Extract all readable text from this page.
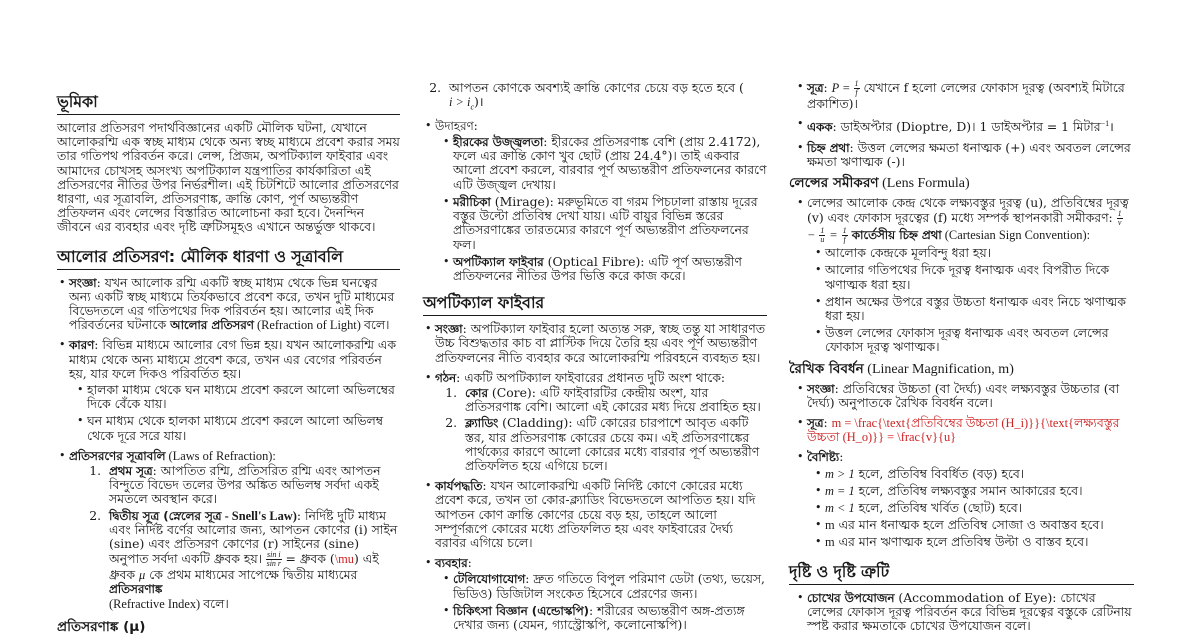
ভূমিকা

আলোর প্রতিসরণ পদার্থবিজ্ঞানের একটি মৌলিক ঘটনা, যেখানে আলোকরশ্মি এক স্বচ্ছ মাধ্যম থেকে অন্য স্বচ্ছ মাধ্যমে প্রবেশ করার সময় তার গতিপথ পরিবর্তন করে। লেন্স, প্রিজম, অপটিক্যাল ফাইবার এবং আমাদের চোখসহ অসংখ্য অপটিক্যাল যন্ত্রপাতির কার্যকারিতা এই প্রতিসরণের নীতির উপর নির্ভরশীল। এই চিটশিটে আলোর প্রতিসরণের ধারণা, এর সূত্রাবলি, প্রতিসরণাঙ্ক, ক্রান্তি কোণ, পূর্ণ অভ্যন্তরীণ প্রতিফলন এবং লেন্সের বিস্তারিত আলোচনা করা হবে। দৈনন্দিন জীবনে এর ব্যবহার এবং দৃষ্টি ত্রুটিসমূহও এখানে অন্তর্ভুক্ত থাকবে।

আলোর প্রতিসরণ: মৌলিক ধারণা ও সূত্রাবলি
• সংজ্ঞা: যখন আলোক রশ্মি একটি স্বচ্ছ মাধ্যম থেকে ভিন্ন ঘনত্বের অন্য একটি স্বচ্ছ মাধ্যমে তির্যকভাবে প্রবেশ করে, তখন দুটি মাধ্যমের বিভেদতলে এর গতিপথের দিক পরিবর্তন হয়। আলোর এই দিক পরিবর্তনের ঘটনাকে আলোর প্রতিসরণ (Refraction of Light) বলে।
• কারণ: বিভিন্ন মাধ্যমে আলোর বেগ ভিন্ন হয়। যখন আলোকরশ্মি এক মাধ্যম থেকে অন্য মাধ্যমে প্রবেশ করে, তখন এর বেগের পরিবর্তন হয়, যার ফলে দিকও পরিবর্তিত হয়।
• হালকা মাধ্যম থেকে ঘন মাধ্যমে প্রবেশ করলে আলো অভিলম্বের দিকে বেঁকে যায়।
• ঘন মাধ্যম থেকে হালকা মাধ্যমে প্রবেশ করলে আলো অভিলম্ব থেকে দূরে সরে যায়।
• প্রতিসরণের সূত্রাবলি (Laws of Refraction):
1. প্রথম সূত্র: আপতিত রশ্মি, প্রতিসরিত রশ্মি এবং আপতন বিন্দুতে বিভেদ তলের উপর অঙ্কিত অভিলম্ব সর্বদা একই সমতলে অবস্থান করে।
2. দ্বিতীয় সূত্র (স্নেলের সূত্র - Snell's Law): নির্দিষ্ট দুটি মাধ্যম এবং নির্দিষ্ট বর্ণের আলোর জন্য, আপতন কোণের (i) সাইন (sine) এবং প্রতিসরণ কোণের (r) সাইনের (sine) অনুপাত সর্বদা একটি ধ্রুবক হয়। $\frac{\text{sin i}}{\text{sin r}}$ = ধ্রুবক (\mu) এই ধ্রুবক μ কে প্রথম মাধ্যমের সাপেক্ষে দ্বিতীয় মাধ্যমের প্রতিসরণাঙ্ক
(Refractive Index) বলে।
প্রতিসরণাঙ্ক (μ)
2. আপতন কোণকে অবশ্যই ক্রান্তি কোণের চেয়ে বড় হতে হবে (
$i > i_c)।$
• উদাহরণ:
• হীরকের উজ্জ্বলতা: হীরকের প্রতিসরণাঙ্ক বেশি (প্রায় 2.4172), ফলে এর ক্রান্তি কোণ খুব ছোট (প্রায় 24.4°)। তাই একবার আলো প্রবেশ করলে, বারবার পূর্ণ অভ্যন্তরীণ প্রতিফলনের কারণে এটি উজ্জ্বল দেখায়।
• মরীচিকা (Mirage): মরুভূমিতে বা গরম পিচঢালা রাস্তায় দূরের বস্তুর উল্টো প্রতিবিম্ব দেখা যায়। এটি বায়ুর বিভিন্ন স্তরের প্রতিসরণাঙ্কের তারতম্যের কারণে পূর্ণ অভ্যন্তরীণ প্রতিফলনের ফল।
• অপটিক্যাল ফাইবার (Optical Fibre): এটি পূর্ণ অভ্যন্তরীণ প্রতিফলনের নীতির উপর ভিত্তি করে কাজ করে।
অপটিক্যাল ফাইবার
• সংজ্ঞা: অপটিক্যাল ফাইবার হলো অত্যন্ত সরু, স্বচ্ছ তন্তু যা সাধারণত উচ্চ বিশুদ্ধতার কাচ বা প্লাস্টিক দিয়ে তৈরি হয় এবং পূর্ণ অভ্যন্তরীণ প্রতিফলনের নীতি ব্যবহার করে আলোকরশ্মি পরিবহনে ব্যবহৃত হয়।
• গঠন: একটি অপটিক্যাল ফাইবারের প্রধানত দুটি অংশ থাকে:
1. কোর (Core): এটি ফাইবারটির কেন্দ্রীয় অংশ, যার প্রতিসরণাঙ্ক বেশি। আলো এই কোরের মধ্য দিয়ে প্রবাহিত হয়।
2. ক্ল্যাডিং (Cladding): এটি কোরের চারপাশে আবৃত একটি স্তর, যার প্রতিসরণাঙ্ক কোরের চেয়ে কম। এই প্রতিসরণাঙ্কের পার্থক্যের কারণে আলো কোরের মধ্যে বারবার পূর্ণ অভ্যন্তরীণ প্রতিফলিত হয়ে এগিয়ে চলে।
• কার্যপদ্ধতি: যখন আলোকরশ্মি একটি নির্দিষ্ট কোণে কোরের মধ্যে প্রবেশ করে, তখন তা কোর-ক্ল্যাডিং বিভেদতলে আপতিত হয়। যদি আপতন কোণ ক্রান্তি কোণের চেয়ে বড় হয়, তাহলে আলো সম্পূর্ণরূপে কোরের মধ্যে প্রতিফলিত হয় এবং ফাইবারের দৈর্ঘ্য বরাবর এগিয়ে চলে।
• ব্যবহার:
• টেলিযোগাযোগ: দ্রুত গতিতে বিপুল পরিমাণ ডেটা (তথ্য, ভয়েস, ভিডিও) ডিজিটাল সংকেত হিসেবে প্রেরণের জন্য।
• চিকিৎসা বিজ্ঞান (এন্ডোস্কপি): শরীরের অভ্যন্তরীণ অঙ্গ-প্রত্যঙ্গ দেখার জন্য (যেমন, গ্যাস্ট্রোস্কপি, কলোনোস্কপি)।
• সূত্র: $P = \frac{1}{f}$ যেখানে f হলো লেন্সের ফোকাস দূরত্ব (অবশ্যই মিটারে প্রকাশিত)।
• একক: ডাইঅপ্টার (Dioptre, D)। 1 ডাইঅপ্টার = 1 মিটার$^{-1}$।
• চিহ্ন প্রথা: উত্তল লেন্সের ক্ষমতা ধনাত্মক (+) এবং অবতল লেন্সের ক্ষমতা ঋণাত্মক (-)।
লেন্সের সমীকরণ (Lens Formula)
• লেন্সের আলোক কেন্দ্র থেকে লক্ষ্যবস্তুর দূরত্ব (u), প্রতিবিম্বের দূরত্ব (v) এবং ফোকাস দূরত্বের (f) মধ্যে সম্পর্ক স্থাপনকারী সমীকরণ: $\frac{1}{v}$
− $\frac{1}{u} = \frac{1}{f}$ কার্তেসীয় চিহ্ন প্রথা (Cartesian Sign Convention):
• আলোক কেন্দ্রকে মূলবিন্দু ধরা হয়।
• আলোর গতিপথের দিকে দূরত্ব ধনাত্মক এবং বিপরীত দিকে ঋণাত্মক ধরা হয়।
• প্রধান অক্ষের উপরে বস্তুর উচ্চতা ধনাত্মক এবং নিচে ঋণাত্মক ধরা হয়।
• উত্তল লেন্সের ফোকাস দূরত্ব ধনাত্মক এবং অবতল লেন্সের ফোকাস দূরত্ব ঋণাত্মক।
রৈখিক বিবর্ধন (Linear Magnification, m)
• সংজ্ঞা: প্রতিবিম্বের উচ্চতা (বা দৈর্ঘ্য) এবং লক্ষ্যবস্তুর উচ্চতার (বা দৈর্ঘ্য) অনুপাতকে রৈখিক বিবর্ধন বলে।
• সূত্র: m = \frac{\text{প্রতিবিম্বের উচ্চতা (H_i)}}{\text{লক্ষ্যবস্তুর উচ্চতা (H_o)}} = \frac{v}{u}
• বৈশিষ্ট্য:
• m > 1 হলে, প্রতিবিম্ব বিবর্ধিত (বড়) হবে।
• m = 1 হলে, প্রতিবিম্ব লক্ষ্যবস্তুর সমান আকারের হবে।
• m < 1 হলে, প্রতিবিম্ব খর্বিত (ছোট) হবে।
• m এর মান ধনাত্মক হলে প্রতিবিম্ব সোজা ও অবাস্তব হবে।
• m এর মান ঋণাত্মক হলে প্রতিবিম্ব উল্টা ও বাস্তব হবে।
দৃষ্টি ও দৃষ্টি ত্রুটি
• চোখের উপযোজন (Accommodation of Eye): চোখের লেন্সের ফোকাস দূরত্ব পরিবর্তন করে বিভিন্ন দূরত্বের বস্তুকে রেটিনায় স্পষ্ট করার ক্ষমতাকে চোখের উপযোজন বলে।
